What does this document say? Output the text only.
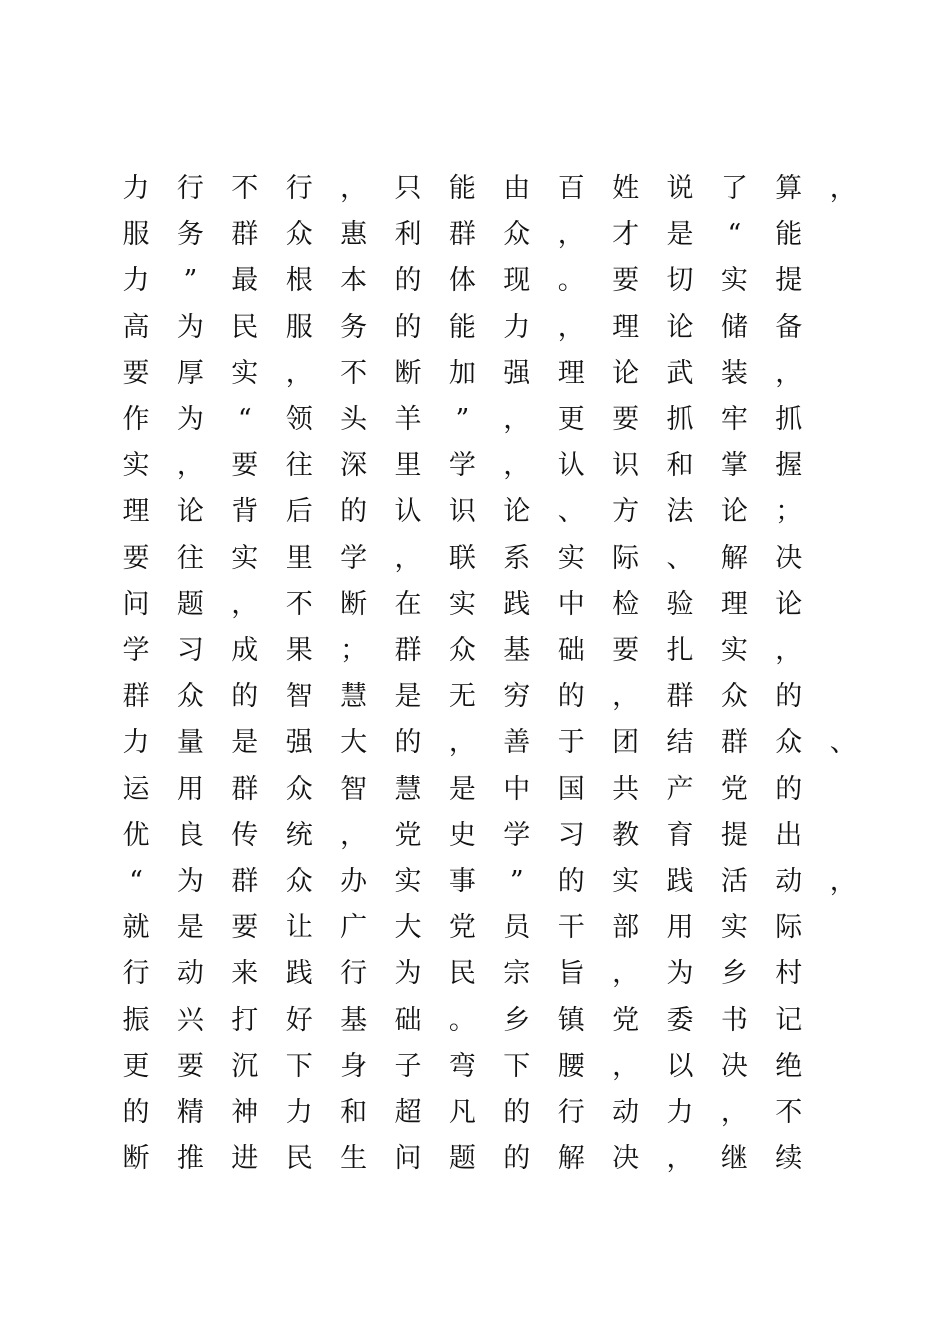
力 行 不 行 ， 只 能 由 百 姓 说 了 算 ，
服 务 群 众 惠 利 群 众 ， 才 是	“	能
力	”	最 根 本 的 体 现 。 要 切 实 提
高 为 民 服 务 的 能 力 ， 理 论 储 备
要 厚 实 ， 不 断 加 强 理 论 武 装 ，
作 为	“	领 头 羊	”	， 更 要 抓 牢 抓
实 ， 要 往 深 里 学 ， 认 识 和 掌 握
理 论 背 后 的 认 识 论 、 方 法 论 ；
要 往 实 里 学 ， 联 系 实 际 、 解 决
问 题 ， 不 断 在 实 践 中 检 验 理 论
学 习 成 果 ； 群 众 基 础 要 扎 实 ，
群 众 的 智 慧 是 无 穷 的 ， 群 众 的
力 量 是 强 大 的 ， 善 于 团 结 群 众 、
运 用 群 众 智 慧 是 中 国 共 产 党 的
优 良 传 统 ， 党 史 学 习 教 育 提 出
“	为 群 众 办 实 事	”	的 实 践 活 动 ，
就 是 要 让 广 大 党 员 干 部 用 实 际
行 动 来 践 行 为 民 宗 旨 ， 为 乡 村
振 兴 打 好 基 础 。 乡 镇 党 委 书 记
更 要 沉 下 身 子 弯 下 腰 ， 以 决 绝
的 精 神 力 和 超 凡 的 行 动 力 ， 不
断 推 进 民 生 问 题 的 解 决 ， 继 续
